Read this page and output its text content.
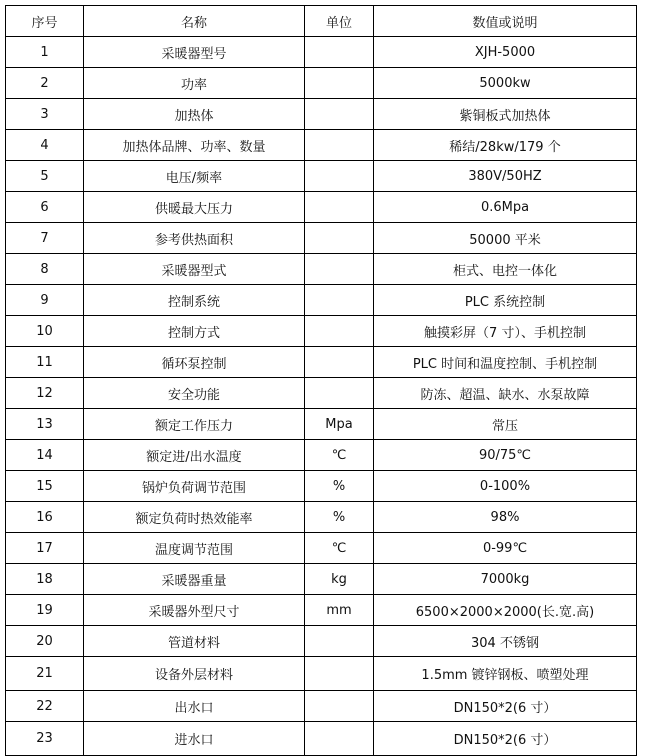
序号	名称	单位	数值或说明
1	采暖器型号		XJH-5000
2	功率		5000kw
3	加热体		紫铜板式加热体
4	加热体品牌、功率、数量		稀结/28kw/179 个
5	电压/频率		380V/50HZ
6	供暖最大压力		0.6Mpa
7	参考供热面积		50000 平米
8	采暖器型式		柜式、电控一体化
9	控制系统		PLC 系统控制
10	控制方式		触摸彩屏（7 寸）、手机控制
11	循环泵控制		PLC 时间和温度控制、手机控制
12	安全功能		防冻、超温、缺水、水泵故障
13	额定工作压力	Mpa	常压
14	额定进/出水温度	℃	90/75℃
15	锅炉负荷调节范围	%	0-100%
16	额定负荷时热效能率	%	98%
17	温度调节范围	℃	0-99℃
18	采暖器重量	kg	7000kg
19	采暖器外型尺寸	mm	6500×2000×2000(长.宽.高)
20	管道材料		304 不锈钢
21	设备外层材料		1.5mm 镀锌钢板、喷塑处理
22	出水口		DN150*2(6 寸）
23	进水口		DN150*2(6 寸）
